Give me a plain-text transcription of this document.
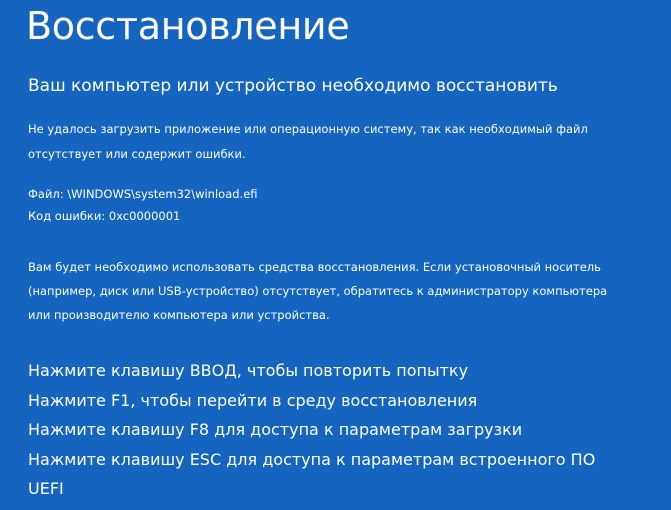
Восстановление
Ваш компьютер или устройство необходимо восстановить
Не удалось загрузить приложение или операционную систему, так как необходимый файл
отсутствует или содержит ошибки.
Файл: \WINDOWS\system32\winload.efi
Код ошибки: 0xc0000001
Вам будет необходимо использовать средства восстановления. Если установочный носитель
(например, диск или USB-устройство) отсутствует, обратитесь к администратору компьютера
или производителю компьютера или устройства.
Нажмите клавишу ВВОД, чтобы повторить попытку
Нажмите F1, чтобы перейти в среду восстановления
Нажмите клавишу F8 для доступа к параметрам загрузки
Нажмите клавишу ESC для доступа к параметрам встроенного ПО
UEFI
